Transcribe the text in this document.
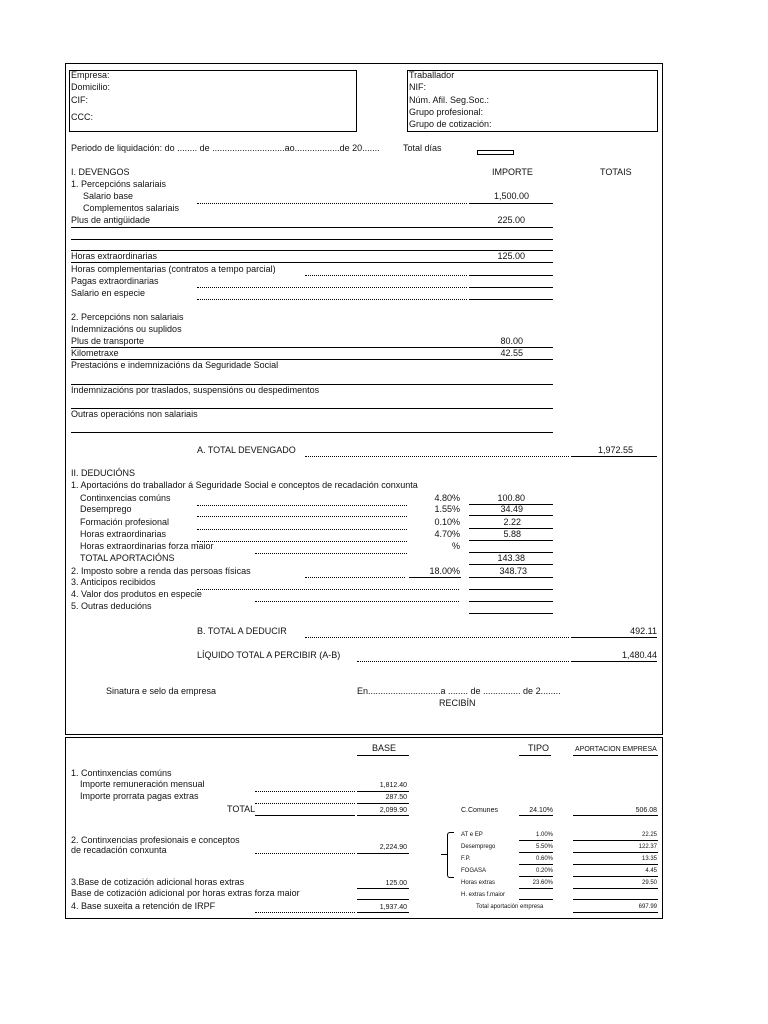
Empresa:
Domicilio:
CIF:
CCC:
Traballador
NIF:
Núm. Afil. Seg.Soc.:
Grupo profesional:
Grupo de cotización:
Periodo de liquidación: do ........ de .............................ao..................de 20.......	Total días
I. DEVENGOS	IMPORTE	TOTAIS
1. Percepcións salariais
Salario base	1,500.00
Complementos salariais
Plus de antigüidade	225.00
Horas extraordinarias	125.00
Horas complementarias (contratos a tempo parcial)
Pagas extraordinarias
Salario en especie
2. Percepcións non salariais
Indemnizacións ou suplidos
Plus de transporte	80.00
Kilometraxe	42.55
Prestacións e indemnizacións da Seguridade Social
Indemnizacións por traslados, suspensións ou despedimentos
Outras operacións non salariais
A. TOTAL DEVENGADO	1,972.55
II. DEDUCIÓNS
1. Aportacións do traballador á Seguridade Social e conceptos de recadación conxunta
Continxencias comúns	4.80%	100.80
Desemprego	1.55%	34.49
Formación profesional	0.10%	2.22
Horas extraordinarias	4.70%	5.88
Horas extraordinarias forza maior	%
TOTAL APORTACIÓNS	143.38
2. Imposto sobre a renda das persoas físicas	18.00%	348.73
3. Anticipos recibidos
4. Valor dos produtos en especie
5. Outras deducións
B. TOTAL A DEDUCIR	492.11
LÍQUIDO TOTAL A PERCIBIR (A-B)	1,480.44
Sinatura e selo da empresa	En.............................a ........ de ............... de 2........
RECIBÍN
BASE	TIPO	APORTACION EMPRESA
1. Continxencias comúns
Importe remuneración mensual	1,812.40
Importe prorrata pagas extras	287.50
TOTAL	2,099.90	C.Comunes	24.10%	506.08
2. Continxencias profesionais e conceptos
de recadación conxunta	2,224.90
AT e EP	1.00%	22.25
Desemprego	5.50%	122.37
F.P.	0.60%	13.35
FOGASA	0.20%	4.45
3.Base de cotización adicional horas extras	125.00	Horas extras	23.60%	29.50
Base de cotización adicional por horas extras forza maior	H. extras f.maior
4. Base suxeita a retención de IRPF	1,937.40	Total aportación empresa	697.99
